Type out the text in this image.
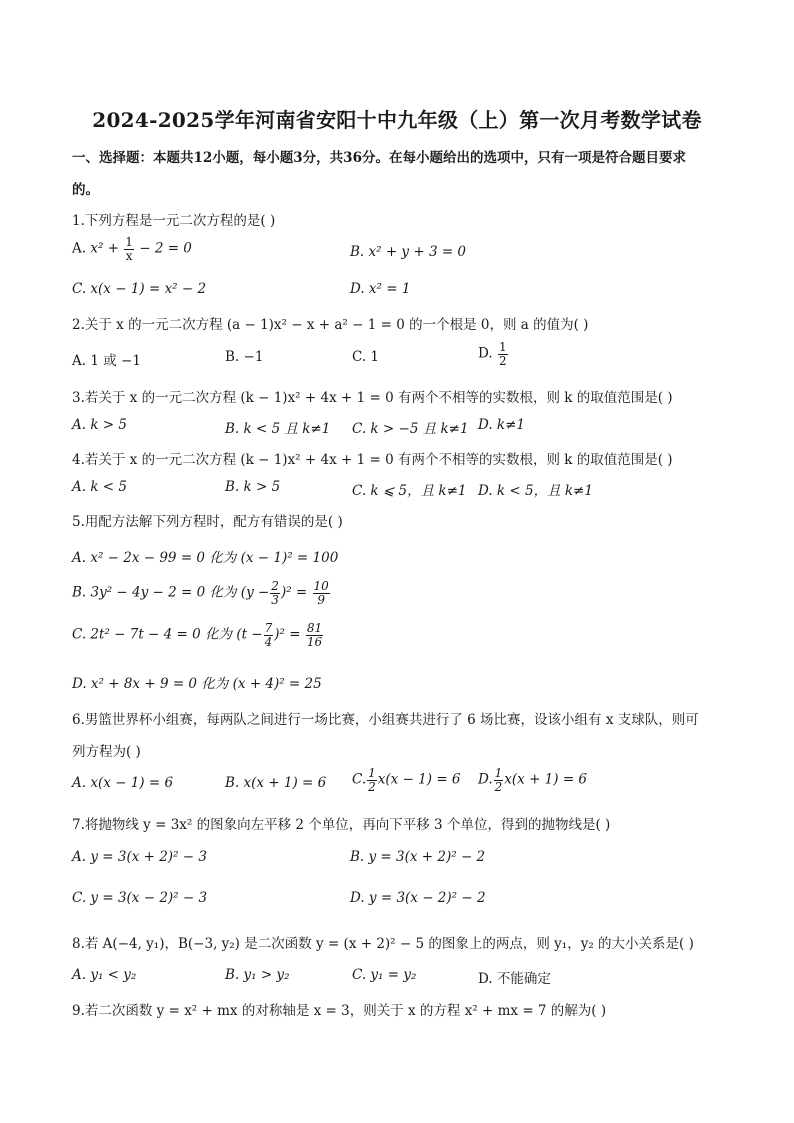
2024-2025学年河南省安阳十中九年级（上）第一次月考数学试卷
一、选择题：本题共12小题，每小题3分，共36分。在每小题给出的选项中，只有一项是符合题目要求
的。
1.下列方程是一元二次方程的是( )
A. $x^2 + \frac{1}{x} - 2 = 0$	B. x² + y + 3 = 0
C. x(x − 1) = x² − 2	D. x² = 1
2.关于 x 的一元二次方程 (a − 1)x² − x + a² − 1 = 0 的一个根是 0，则 a 的值为( )
A. 1 或 −1	B. −1	C. 1	D. $\frac{1}{2}$
3.若关于 x 的一元二次方程 (k − 1)x² + 4x + 1 = 0 有两个不相等的实数根，则 k 的取值范围是( )
A. k > 5	B. k < 5 且 k≠1 C. k > −5 且 k≠1 D. k≠1
4.若关于 x 的一元二次方程 (k − 1)x² + 4x + 1 = 0 有两个不相等的实数根，则 k 的取值范围是( )
A. k < 5	B. k > 5	C. k ⩽ 5，且 k≠1 D. k < 5，且 k≠1
5.用配方法解下列方程时，配方有错误的是( )
A. x² − 2x − 99 = 0 化为 (x − 1)² = 100
B. 3y² − 4y − 2 = 0 化为 $(y - \frac{2}{3} )^2 = \frac{10}{9}$
C. 2t² − 7t − 4 = 0 化为 $(t - \frac{7}{4} )^2 = \frac{81}{16}$
D. x² + 8x + 9 = 0 化为 (x + 4)² = 25
6.男篮世界杯小组赛，每两队之间进行一场比赛，小组赛共进行了 6 场比赛，设该小组有 x 支球队，则可
列方程为( )
A. x(x − 1) = 6	B. x(x + 1) = 6 C. $\frac{1}{2} x(x - 1) = 6$ D. $\frac{1}{2} x(x + 1) = 6$
7.将抛物线 y = 3x² 的图象向左平移 2 个单位，再向下平移 3 个单位，得到的抛物线是( )
A. y = 3(x + 2)² − 3	B. y = 3(x + 2)² − 2
C. y = 3(x − 2)² − 3	D. y = 3(x − 2)² − 2
8.若 A(−4, y₁)，B(−3, y₂) 是二次函数 y = (x + 2)² − 5 的图象上的两点，则 y₁，y₂ 的大小关系是( )
A. y₁ < y₂	B. y₁ > y₂	C. y₁ = y₂	D. 不能确定
9.若二次函数 y = x² + mx 的对称轴是 x = 3，则关于 x 的方程 x² + mx = 7 的解为( )
